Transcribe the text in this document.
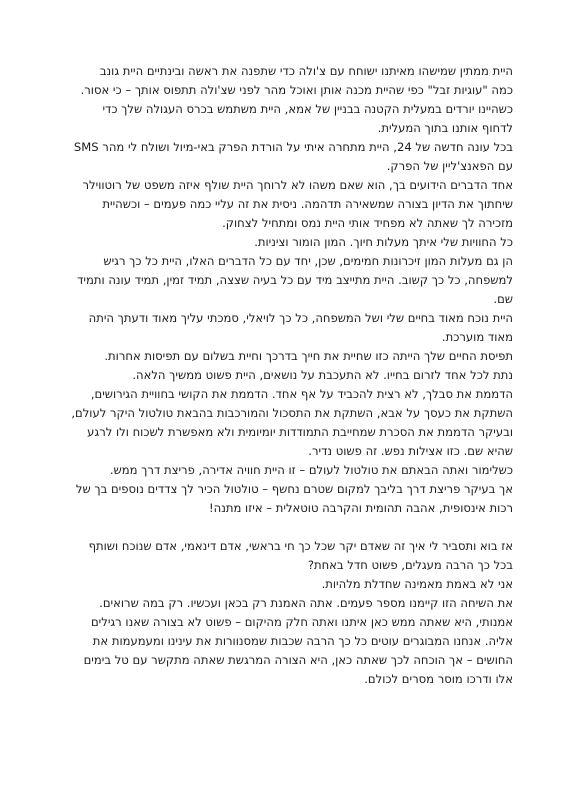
היית ממתין שמישהו מאיתנו ישוחח עם צ'ולה כדי שתפנה את ראשה ובינתיים היית גונב
כמה "עוגיות זבל" כפי שהיית מכנה אותן ואוכל מהר לפני שצ'ולה תתפוס אותך – כי אסור.
כשהיינו יורדים במעלית הקטנה בבניין של אמא, היית משתמש בכרס העגולה שלך כדי
לדחוף אותנו בתוך המעלית.
בכל עונה חדשה של 24, היית מתחרה איתי על הורדת הפרק באי-מיול ושולח לי מהר SMS
עם הפאנצ'ליין של הפרק.
אחד הדברים הידועים בך, הוא שאם משהו לא לרוחך היית שולף איזה משפט של רוטווילר
שיחתוך את הדיון בצורה שמשאירה תדהמה. ניסית את זה עליי כמה פעמים – וכשהיית
מזכירה לך שאתה לא מפחיד אותי היית נמס ומתחיל לצחוק.
כל החוויות שלי איתך מעלות חיוך. המון הומור וציניות.
הן גם מעלות המון זיכרונות חמימים, שכן, יחד עם כל הדברים האלו, היית כל כך רגיש
למשפחה, כל כך קשוב. היית מתייצב מיד עם כל בעיה שצצה, תמיד זמין, תמיד עונה ותמיד
שם.
היית נוכח מאוד בחיים שלי ושל המשפחה, כל כך לויאלי, סמכתי עליך מאוד ודעתך היתה
מאוד מוערכת.
תפיסת החיים שלך הייתה כזו שחיית את חייך בדרכך וחיית בשלום עם תפיסות אחרות.
נתת לכל אחד לזרום בחייו. לא התעכבת על נושאים, היית פשוט ממשיך הלאה.
הדממת את סבלך, לא רצית להכביד על אף אחד. הדממת את הקושי בחוויית הגירושים,
השתקת את כעסך על אבא, השתקת את התסכול והמורכבות בהבאת טולטול היקר לעולם,
ובעיקר הדממת את הסכרת שמחייבת התמודדות יומיומית ולא מאפשרת לשכוח ולו לרגע
שהיא שם. כזו אצילות נפש. זה פשוט נדיר.
כשלימור ואתה הבאתם את טולטול לעולם – זו היית חוויה אדירה, פריצת דרך ממש.
אך בעיקר פריצת דרך בליבך למקום שטרם נחשף – טולטול הכיר לך צדדים נוספים בך של
רכות אינסופית, אהבה תהומית והקרבה טוטאלית – איזו מתנה!
אז בוא ותסביר לי איך זה שאדם יקר שכל כך חי בראשי, אדם דינאמי, אדם שנוכח ושותף
בכל כך הרבה מעגלים, פשוט חדל באחת?
אני לא באמת מאמינה שחדלת מלהיות.
את השיחה הזו קיימנו מספר פעמים. אתה האמנת רק בכאן ועכשיו. רק במה שרואים.
אמנותי, היא שאתה ממש כאן איתנו ואתה חלק מהיקום – פשוט לא בצורה שאנו רגילים
אליה. אנחנו המבוגרים עוטים כל כך הרבה שכבות שמסנוורות את עינינו ומעמעמות את
החושים – אך הוכחה לכך שאתה כאן, היא הצורה המרגשת שאתה מתקשר עם טל בימים
אלו ודרכו מוסר מסרים לכולם.
